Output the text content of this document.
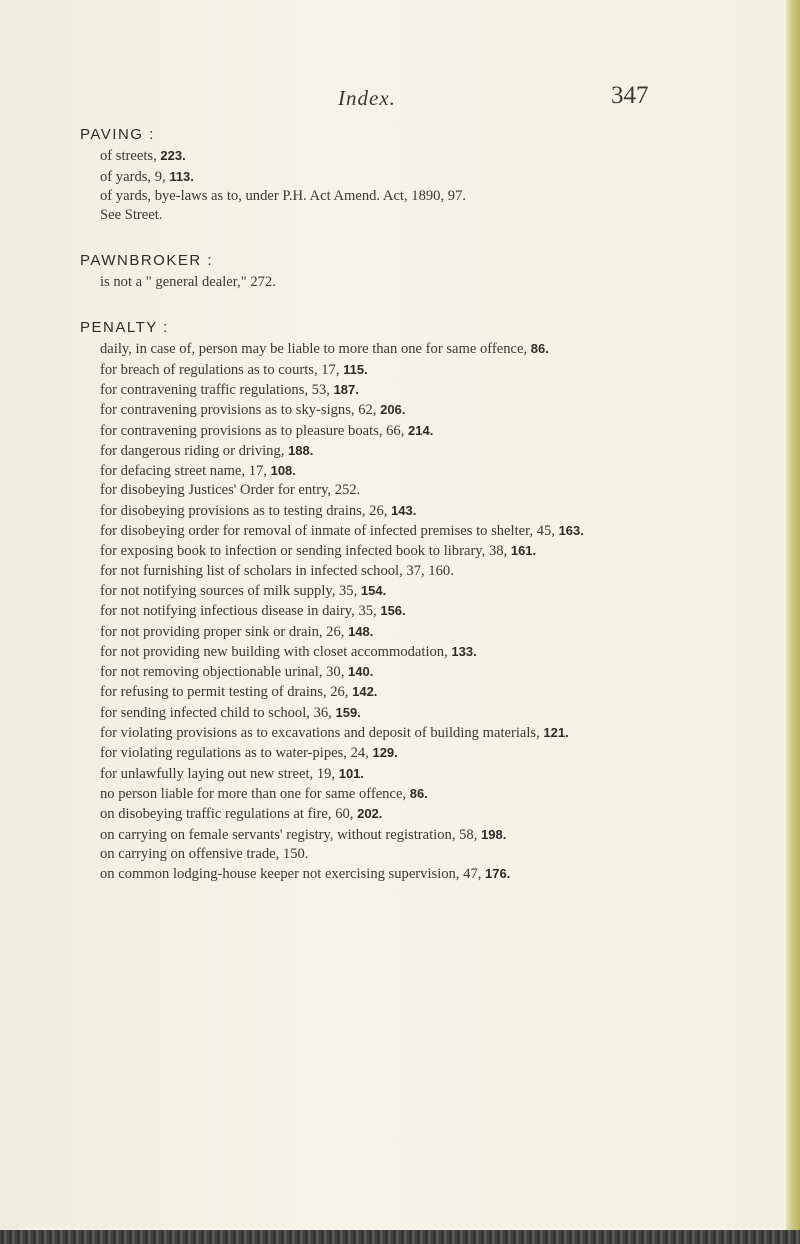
Index.	347
PAVING :
of streets, 223.
of yards, 9, 113.
of yards, bye-laws as to, under P.H. Act Amend. Act, 1890, 97.
See Street.
PAWNBROKER :
is not a " general dealer," 272.
PENALTY :
daily, in case of, person may be liable to more than one for same offence, 86.
for breach of regulations as to courts, 17, 115.
for contravening traffic regulations, 53, 187.
for contravening provisions as to sky-signs, 62, 206.
for contravening provisions as to pleasure boats, 66, 214.
for dangerous riding or driving, 188.
for defacing street name, 17, 108.
for disobeying Justices' Order for entry, 252.
for disobeying provisions as to testing drains, 26, 143.
for disobeying order for removal of inmate of infected premises to shelter, 45, 163.
for exposing book to infection or sending infected book to library, 38, 161.
for not furnishing list of scholars in infected school, 37, 160.
for not notifying sources of milk supply, 35, 154.
for not notifying infectious disease in dairy, 35, 156.
for not providing proper sink or drain, 26, 148.
for not providing new building with closet accommodation, 133.
for not removing objectionable urinal, 30, 140.
for refusing to permit testing of drains, 26, 142.
for sending infected child to school, 36, 159.
for violating provisions as to excavations and deposit of building materials, 121.
for violating regulations as to water-pipes, 24, 129.
for unlawfully laying out new street, 19, 101.
no person liable for more than one for same offence, 86.
on disobeying traffic regulations at fire, 60, 202.
on carrying on female servants' registry, without registration, 58, 198.
on carrying on offensive trade, 150.
on common lodging-house keeper not exercising supervision, 47, 176.
